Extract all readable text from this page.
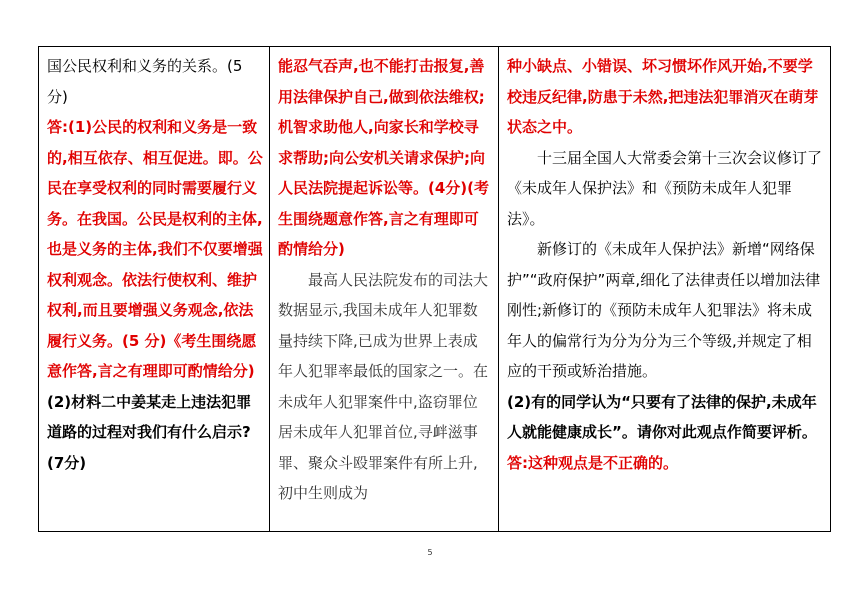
国公民权利和义务的关系。(5分)

答:(1)公民的权利和义务是一致的,相互依存、相互促进。即。公民在享受权利的同时需要履行义务。在我国。公民是权利的主体,也是义务的主体,我们不仅要增强权利观念。依法行使权利、维护权利,而且要增强义务观念,依法履行义务。(5 分)《考生围绕愿意作答,言之有理即可酌情给分)

(2)材料二中姜某走上违法犯罪道路的过程对我们有什么启示?(7分)

能忍气吞声,也不能打击报复,善用法律保护自己,做到依法维权;机智求助他人,向家长和学校寻求帮助;向公安机关请求保护;向人民法院提起诉讼等。(4分)(考生围绕题意作答,言之有理即可酌情给分)

最高人民法院发布的司法大数据显示,我国未成年人犯罪数量持续下降,已成为世界上表成年人犯罪率最低的国家之一。在未成年人犯罪案件中,盗窃罪位居未成年人犯罪首位,寻衅滋事罪、聚众斗殴罪案件有所上升,初中生则成为

种小缺点、小错误、坏习惯坏作风开始,不要学校违反纪律,防患于未然,把违法犯罪消灭在萌芽状态之中。

十三届全国人大常委会第十三次会议修订了《未成年人保护法》和《预防未成年人犯罪法》。

新修订的《未成年人保护法》新增“网络保护”“政府保护”两章,细化了法律责任以增加法律刚性;新修订的《预防未成年人犯罪法》将未成年人的偏常行为分为分为三个等级,并规定了相应的干预或矫治措施。

(2)有的同学认为“只要有了法律的保护,未成年人就能健康成长”。请你对此观点作简要评析。

答:这种观点是不正确的。

5
